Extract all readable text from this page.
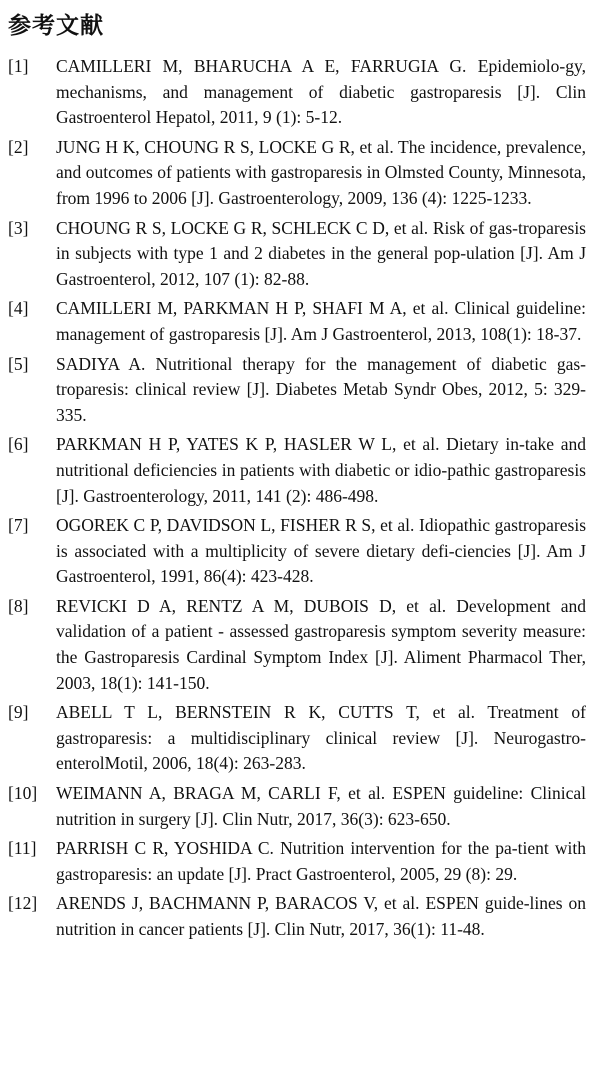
参考文献
[1]	CAMILLERI M, BHARUCHA A E, FARRUGIA G. Epidemiolo-gy, mechanisms, and management of diabetic gastroparesis [J]. Clin Gastroenterol Hepatol, 2011, 9 (1): 5-12.
[2]	JUNG H K, CHOUNG R S, LOCKE G R, et al. The incidence, prevalence, and outcomes of patients with gastroparesis in Olmsted County, Minnesota, from 1996 to 2006 [J]. Gastroenterology, 2009, 136 (4): 1225-1233.
[3]	CHOUNG R S, LOCKE G R, SCHLECK C D, et al. Risk of gas-troparesis in subjects with type 1 and 2 diabetes in the general pop-ulation [J]. Am J Gastroenterol, 2012, 107 (1): 82-88.
[4]	CAMILLERI M, PARKMAN H P, SHAFI M A, et al. Clinical guideline: management of gastroparesis [J]. Am J Gastroenterol, 2013, 108(1): 18-37.
[5]	SADIYA A. Nutritional therapy for the management of diabetic gas-troparesis: clinical review [J]. Diabetes Metab Syndr Obes, 2012, 5: 329-335.
[6]	PARKMAN H P, YATES K P, HASLER W L, et al. Dietary in-take and nutritional deficiencies in patients with diabetic or idio-pathic gastroparesis [J]. Gastroenterology, 2011, 141 (2): 486-498.
[7]	OGOREK C P, DAVIDSON L, FISHER R S, et al. Idiopathic gastroparesis is associated with a multiplicity of severe dietary defi-ciencies [J]. Am J Gastroenterol, 1991, 86(4): 423-428.
[8]	REVICKI D A, RENTZ A M, DUBOIS D, et al. Development and validation of a patient - assessed gastroparesis symptom severity measure: the Gastroparesis Cardinal Symptom Index [J]. Aliment Pharmacol Ther, 2003, 18(1): 141-150.
[9]	ABELL T L, BERNSTEIN R K, CUTTS T, et al. Treatment of gastroparesis: a multidisciplinary clinical review [J]. Neurogastro-enterolMotil, 2006, 18(4): 263-283.
[10]	WEIMANN A, BRAGA M, CARLI F, et al. ESPEN guideline: Clinical nutrition in surgery [J]. Clin Nutr, 2017, 36(3): 623-650.
[11]	PARRISH C R, YOSHIDA C. Nutrition intervention for the pa-tient with gastroparesis: an update [J]. Pract Gastroenterol, 2005, 29 (8): 29.
[12]	ARENDS J, BACHMANN P, BARACOS V, et al. ESPEN guide-lines on nutrition in cancer patients [J]. Clin Nutr, 2017, 36(1): 11-48.
